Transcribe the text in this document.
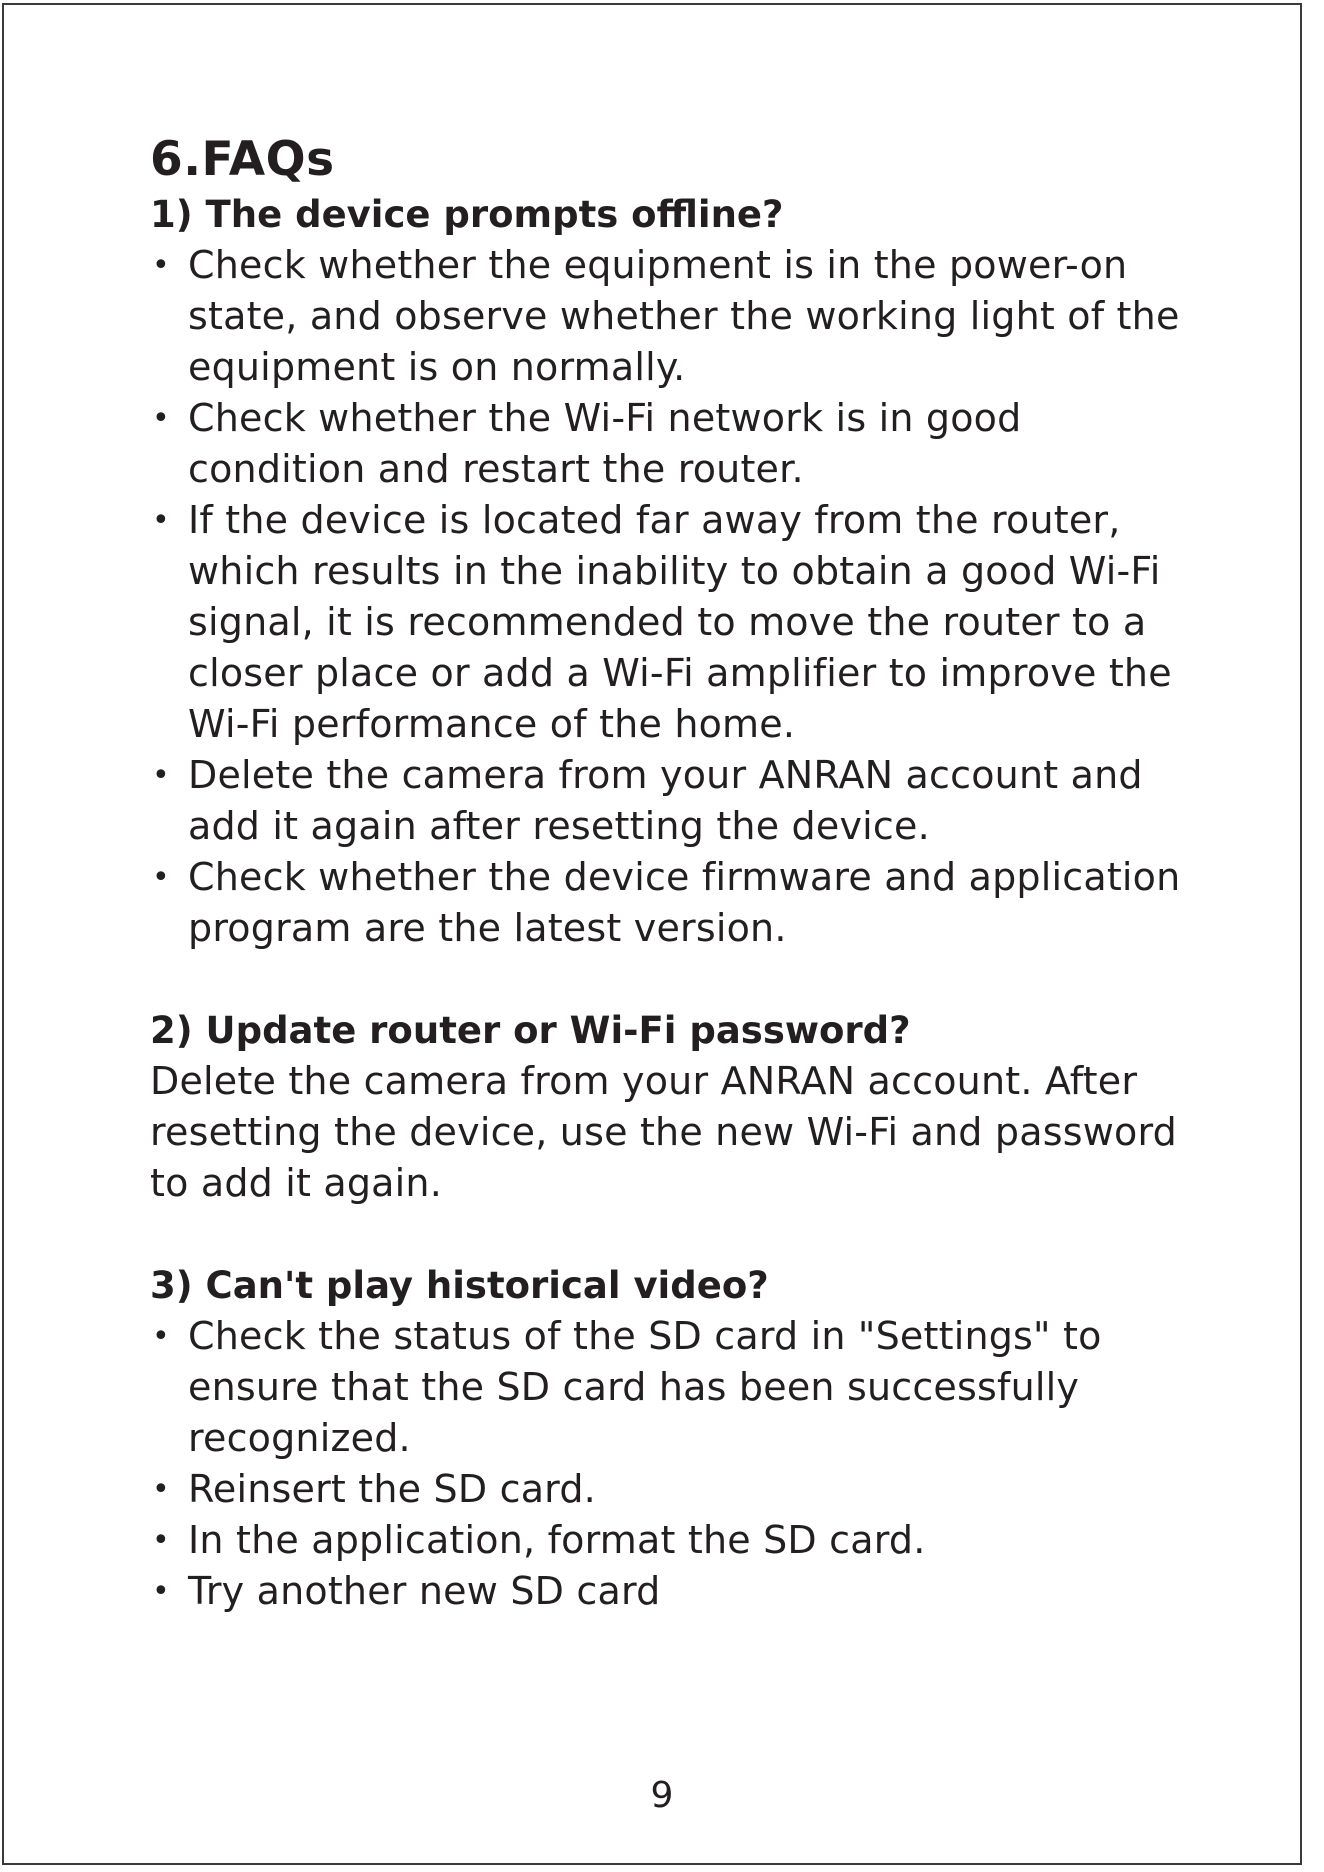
6.FAQs
1) The device prompts offline?
• Check whether the equipment is in the power-on state, and observe whether the working light of the equipment is on normally.
• Check whether the Wi-Fi network is in good condition and restart the router.
• If the device is located far away from the router, which results in the inability to obtain a good Wi-Fi signal, it is recommended to move the router to a closer place or add a Wi-Fi amplifier to improve the Wi-Fi performance of the home.
• Delete the camera from your ANRAN account and add it again after resetting the device.
• Check whether the device firmware and application program are the latest version.
2) Update router or Wi-Fi password?

Delete the camera from your ANRAN account. After resetting the device, use the new Wi-Fi and password to add it again.

3) Can't play historical video?
• Check the status of the SD card in "Settings" to ensure that the SD card has been successfully recognized.
• Reinsert the SD card.
• In the application, format the SD card.
• Try another new SD card
9
